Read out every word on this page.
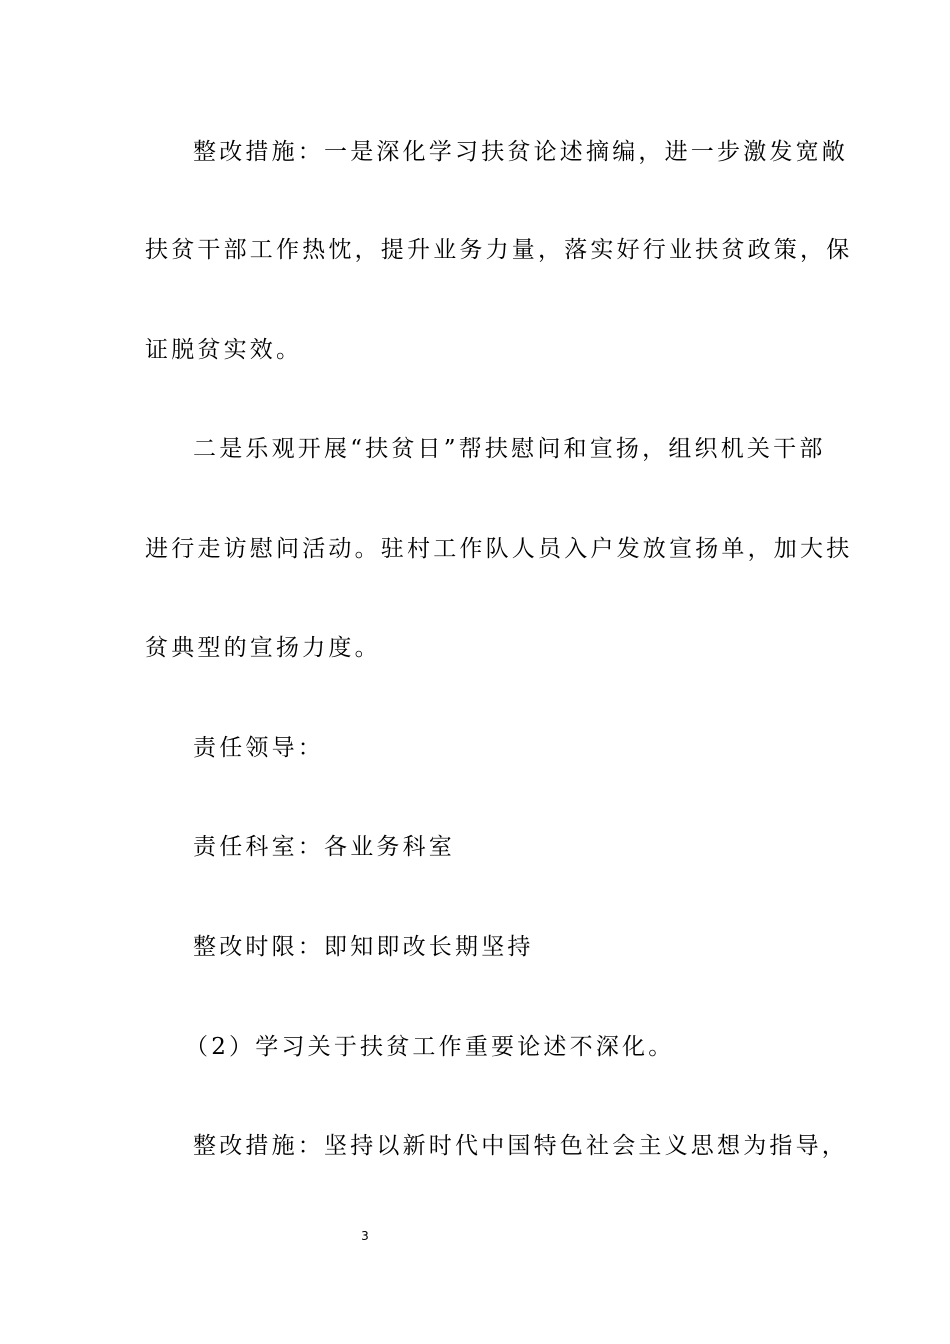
整改措施：一是深化学习扶贫论述摘编，进一步激发宽敞
扶贫干部工作热忱，提升业务力量，落实好行业扶贫政策，保
证脱贫实效。
二是乐观开展“扶贫日”帮扶慰问和宣扬，组织机关干部
进行走访慰问活动。驻村工作队人员入户发放宣扬单，加大扶
贫典型的宣扬力度。
责任领导：
责任科室：各业务科室
整改时限：即知即改长期坚持
（2）学习关于扶贫工作重要论述不深化。
整改措施：坚持以新时代中国特色社会主义思想为指导，
3
